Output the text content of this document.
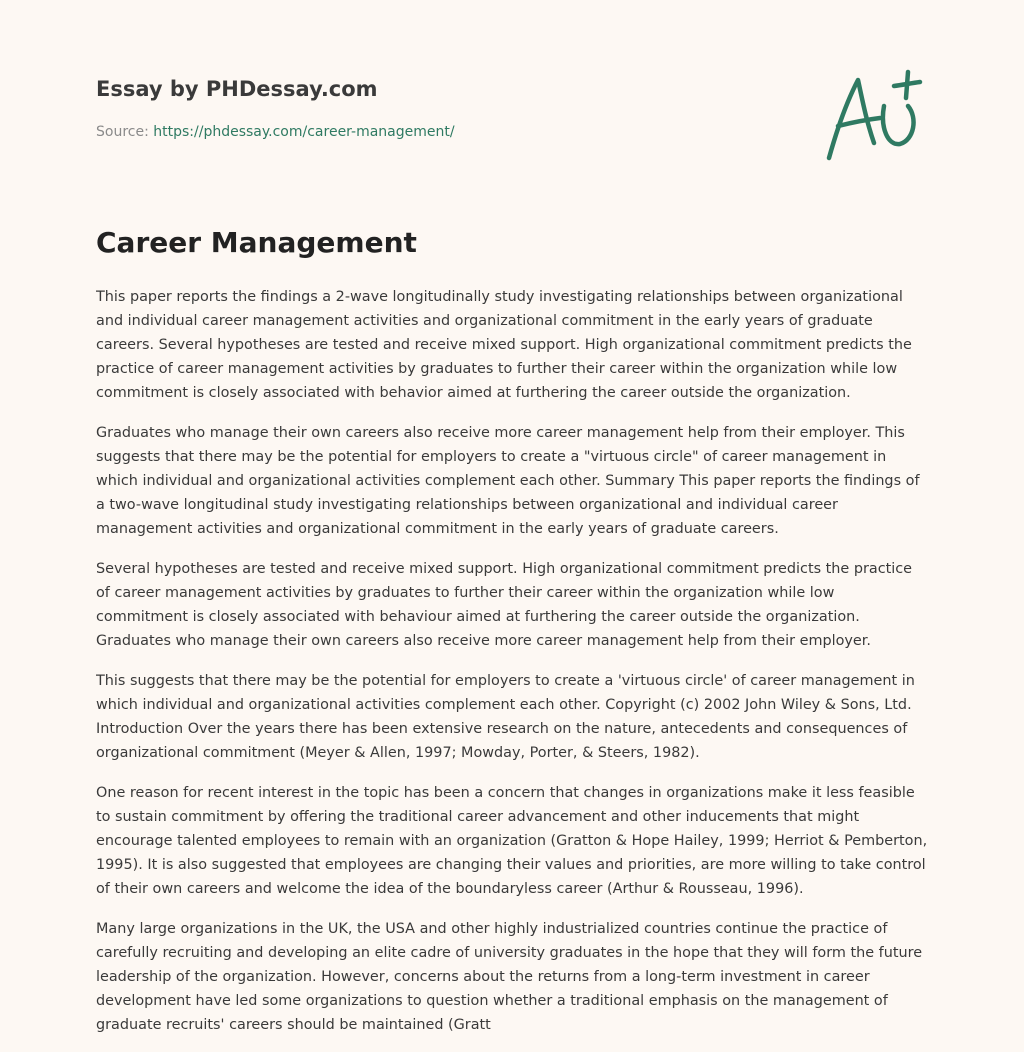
Essay by PHDessay.com
Source: https://phdessay.com/career-management/
Career Management

This paper reports the findings a 2-wave longitudinally study investigating relationships between organizational and individual career management activities and organizational commitment in the early years of graduate careers. Several hypotheses are tested and receive mixed support. High organizational commitment predicts the practice of career management activities by graduates to further their career within the organization while low commitment is closely associated with behavior aimed at furthering the career outside the organization.

Graduates who manage their own careers also receive more career management help from their employer. This suggests that there may be the potential for employers to create a "virtuous circle" of career management in which individual and organizational activities complement each other. Summary This paper reports the findings of a two-wave longitudinal study investigating relationships between organizational and individual career management activities and organizational commitment in the early years of graduate careers.

Several hypotheses are tested and receive mixed support. High organizational commitment predicts the practice of career management activities by graduates to further their career within the organization while low commitment is closely associated with behaviour aimed at furthering the career outside the organization. Graduates who manage their own careers also receive more career management help from their employer.

This suggests that there may be the potential for employers to create a 'virtuous circle' of career management in which individual and organizational activities complement each other. Copyright (c) 2002 John Wiley & Sons, Ltd. Introduction Over the years there has been extensive research on the nature, antecedents and consequences of organizational commitment (Meyer & Allen, 1997; Mowday, Porter, & Steers, 1982).

One reason for recent interest in the topic has been a concern that changes in organizations make it less feasible to sustain commitment by offering the traditional career advancement and other inducements that might encourage talented employees to remain with an organization (Gratton & Hope Hailey, 1999; Herriot & Pemberton, 1995). It is also suggested that employees are changing their values and priorities, are more willing to take control of their own careers and welcome the idea of the boundaryless career (Arthur & Rousseau, 1996).

Many large organizations in the UK, the USA and other highly industrialized countries continue the practice of carefully recruiting and developing an elite cadre of university graduates in the hope that they will form the future leadership of the organization. However, concerns about the returns from a long-term investment in career development have led some organizations to question whether a traditional emphasis on the management of graduate recruits' careers should be maintained (Gratt
